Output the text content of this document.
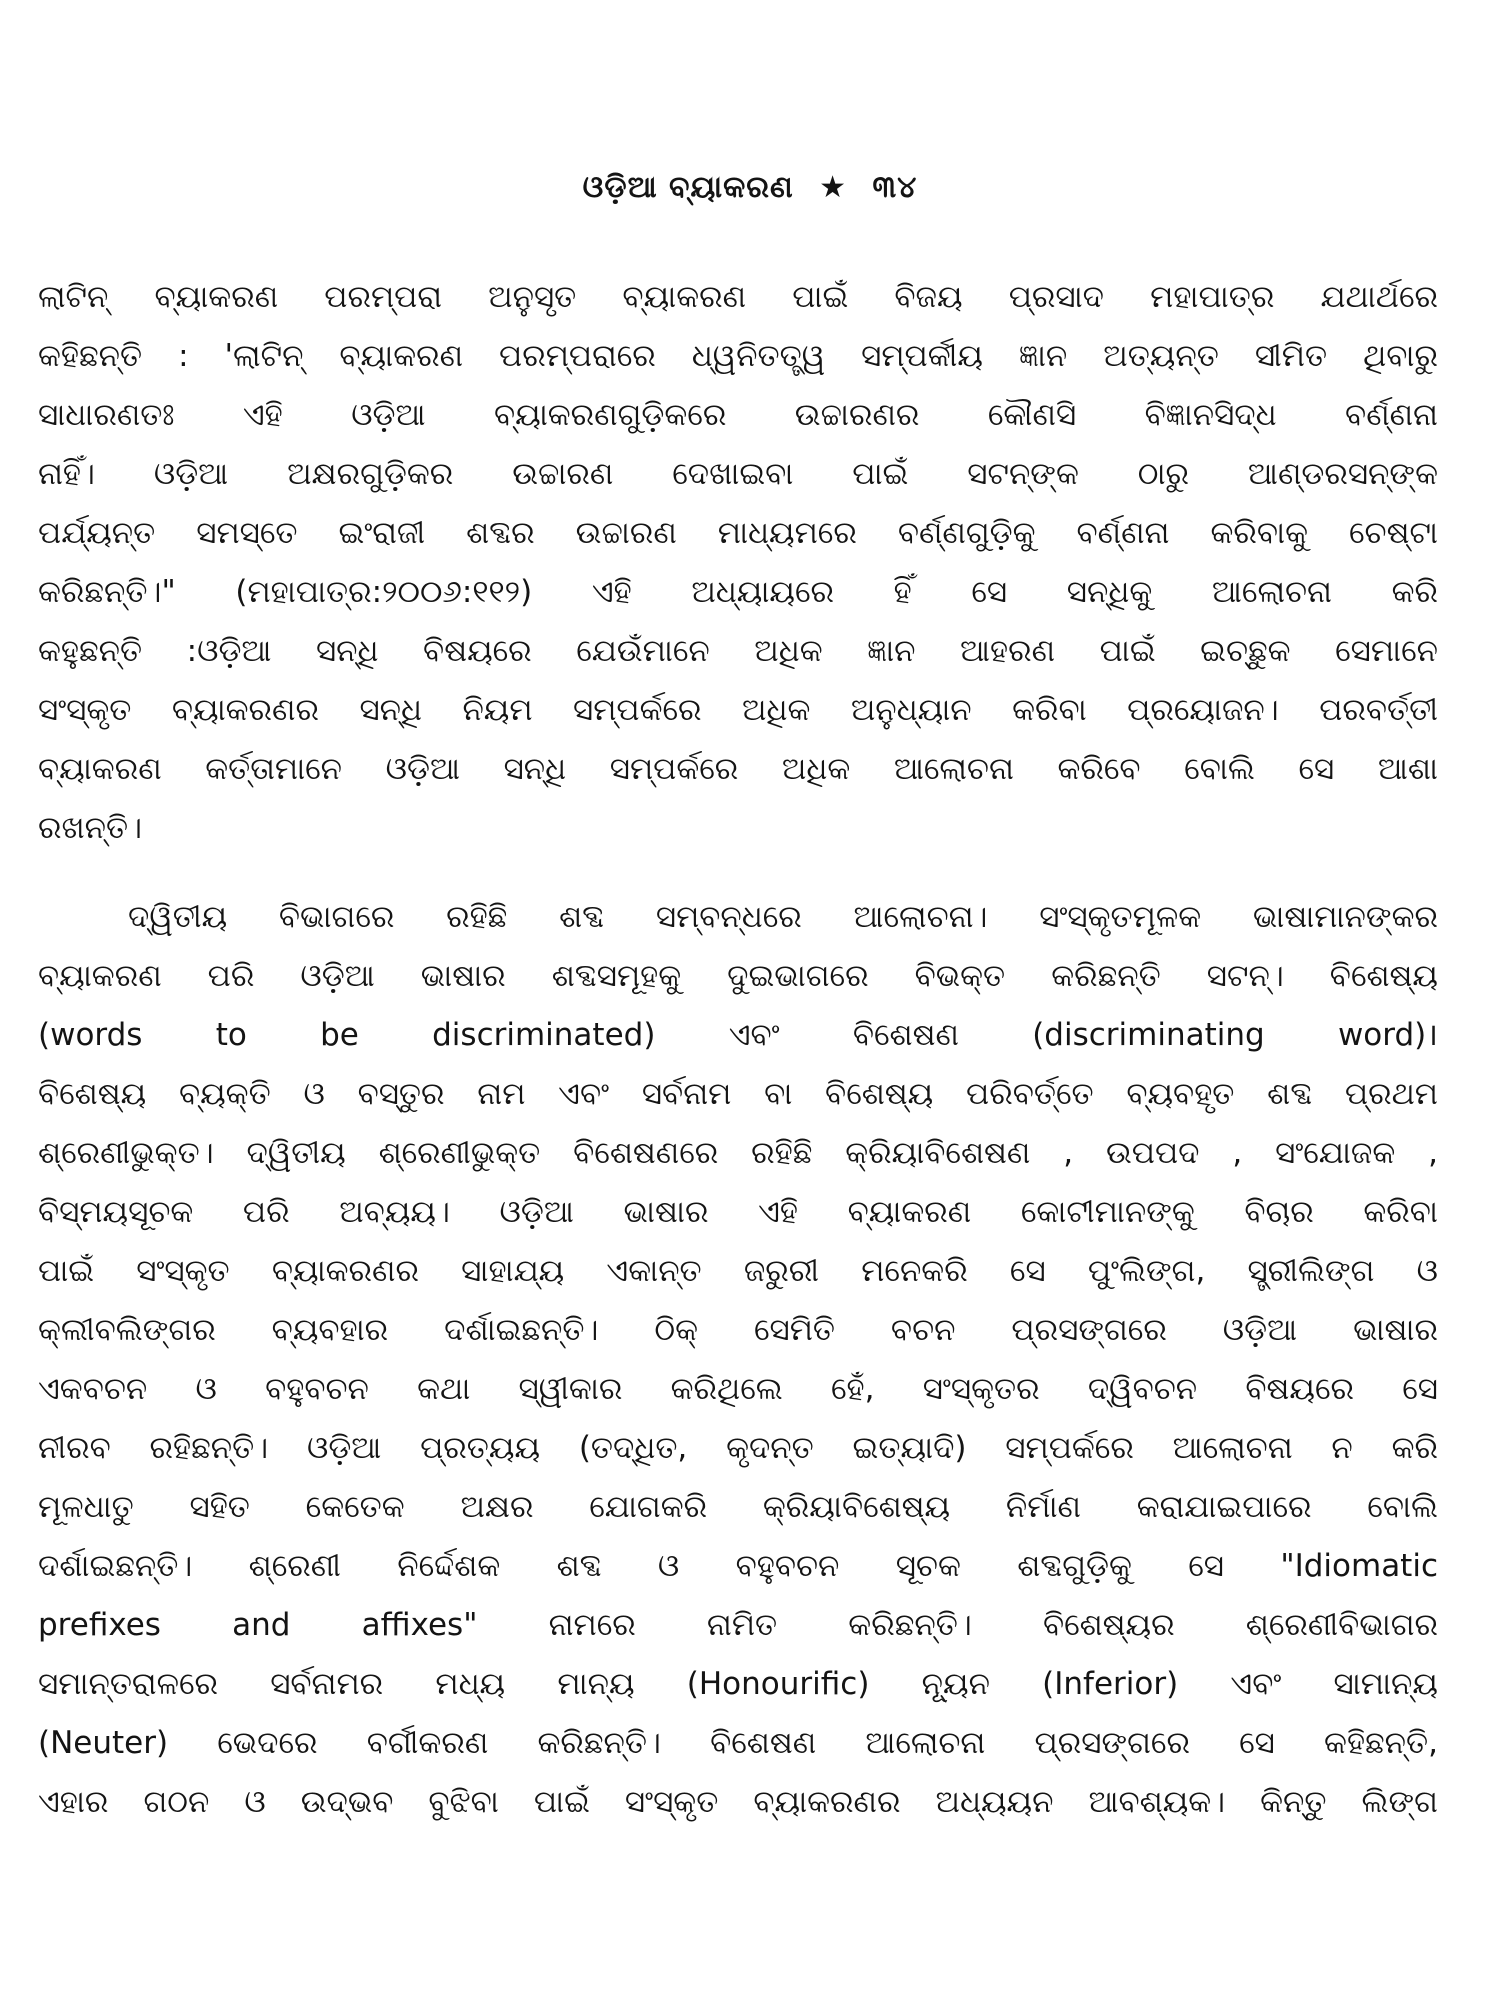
ଓଡ଼ିଆ ବ୍ୟାକରଣ ★ ୩୪

ଲାଟିନ୍ ବ୍ୟାକରଣ ପରମ୍ପରା ଅନୁସୃତ ବ୍ୟାକରଣ ପାଇଁ ବିଜୟ ପ୍ରସାଦ ମହାପାତ୍ର ଯଥାର୍ଥରେ
କହିଛନ୍ତି : 'ଲାଟିନ୍ ବ୍ୟାକରଣ ପରମ୍ପରାରେ ଧ୍ୱନିତତ୍ତ୍ୱ ସମ୍ପର୍କୀୟ ଜ୍ଞାନ ଅତ୍ୟନ୍ତ ସୀମିତ ଥିବାରୁ
ସାଧାରଣତଃ ଏହି ଓଡ଼ିଆ ବ୍ୟାକରଣଗୁଡ଼ିକରେ ଉଚ୍ଚାରଣର କୌଣସି ବିଜ୍ଞାନସିଦ୍ଧ ବର୍ଣ୍ଣନା
ନାହିଁ। ଓଡ଼ିଆ ଅକ୍ଷରଗୁଡ଼ିକର ଉଚ୍ଚାରଣ ଦେଖାଇବା ପାଇଁ ସଟନ୍‌ଙ୍କ ଠାରୁ ଆଣ୍ଡରସନ୍‌ଙ୍କ
ପର୍ଯ୍ୟନ୍ତ ସମସ୍ତେ ଇଂରାଜୀ ଶବ୍ଦର ଉଚ୍ଚାରଣ ମାଧ୍ୟମରେ ବର୍ଣ୍ଣଗୁଡ଼ିକୁ ବର୍ଣ୍ଣନା କରିବାକୁ ଚେଷ୍ଟା
କରିଛନ୍ତି।" (ମହାପାତ୍ର:୨୦୦୬:୧୧୨) ଏହି ଅଧ୍ୟାୟରେ ହିଁ ସେ ସନ୍ଧିକୁ ଆଲୋଚନା କରି
କହୁଛନ୍ତି :ଓଡ଼ିଆ ସନ୍ଧି ବିଷୟରେ ଯେଉଁମାନେ ଅଧିକ ଜ୍ଞାନ ଆହରଣ ପାଇଁ ଇଚ୍ଛୁକ ସେମାନେ
ସଂସ୍କୃତ ବ୍ୟାକରଣର ସନ୍ଧି ନିୟମ ସମ୍ପର୍କରେ ଅଧିକ ଅନୁଧ୍ୟାନ କରିବା ପ୍ରୟୋଜନ। ପରବର୍ତ୍ତୀ
ବ୍ୟାକରଣ କର୍ତ୍ତାମାନେ ଓଡ଼ିଆ ସନ୍ଧି ସମ୍ପର୍କରେ ଅଧିକ ଆଲୋଚନା କରିବେ ବୋଲି ସେ ଆଶା
ରଖନ୍ତି।

ଦ୍ୱିତୀୟ ବିଭାଗରେ ରହିଛି ଶବ୍ଦ ସମ୍ବନ୍ଧରେ ଆଲୋଚନା। ସଂସ୍କୃତମୂଳକ ଭାଷାମାନଙ୍କର
ବ୍ୟାକରଣ ପରି ଓଡ଼ିଆ ଭାଷାର ଶବ୍ଦସମୂହକୁ ଦୁଇଭାଗରେ ବିଭକ୍ତ କରିଛନ୍ତି ସଟନ୍। ବିଶେଷ୍ୟ
(words to be discriminated) ଏବଂ ବିଶେଷଣ (discriminating word)।
ବିଶେଷ୍ୟ ବ୍ୟକ୍ତି ଓ ବସ୍ତୁର ନାମ ଏବଂ ସର୍ବନାମ ବା ବିଶେଷ୍ୟ ପରିବର୍ତ୍ତେ ବ୍ୟବହୃତ ଶବ୍ଦ ପ୍ରଥମ
ଶ୍ରେଣୀଭୁକ୍ତ। ଦ୍ୱିତୀୟ ଶ୍ରେଣୀଭୁକ୍ତ ବିଶେଷଣରେ ରହିଛି କ୍ରିୟାବିଶେଷଣ , ଉପପଦ , ସଂଯୋଜକ ,
ବିସ୍ମୟସୂଚକ ପରି ଅବ୍ୟୟ। ଓଡ଼ିଆ ଭାଷାର ଏହି ବ୍ୟାକରଣ କୋଟୀମାନଙ୍କୁ ବିଚାର କରିବା
ପାଇଁ ସଂସ୍କୃତ ବ୍ୟାକରଣର ସାହାଯ୍ୟ ଏକାନ୍ତ ଜରୁରୀ ମନେକରି ସେ ପୁଂଲିଙ୍ଗ, ସ୍ତ୍ରୀଲିଙ୍ଗ ଓ
କ୍ଲୀବଲିଙ୍ଗର ବ୍ୟବହାର ଦର୍ଶାଇଛନ୍ତି। ଠିକ୍ ସେମିତି ବଚନ ପ୍ରସଙ୍ଗରେ ଓଡ଼ିଆ ଭାଷାର
ଏକବଚନ ଓ ବହୁବଚନ କଥା ସ୍ୱୀକାର କରିଥିଲେ ହେଁ, ସଂସ୍କୃତର ଦ୍ୱିବଚନ ବିଷୟରେ ସେ
ନୀରବ ରହିଛନ୍ତି। ଓଡ଼ିଆ ପ୍ରତ୍ୟୟ (ତଦ୍ଧିତ, କୃଦନ୍ତ ଇତ୍ୟାଦି) ସମ୍ପର୍କରେ ଆଲୋଚନା ନ କରି
ମୂଳଧାତୁ ସହିତ କେତେକ ଅକ୍ଷର ଯୋଗକରି କ୍ରିୟାବିଶେଷ୍ୟ ନିର୍ମାଣ କରାଯାଇପାରେ ବୋଲି
ଦର୍ଶାଇଛନ୍ତି। ଶ୍ରେଣୀ ନିର୍ଦ୍ଦେଶକ ଶବ୍ଦ ଓ ବହୁବଚନ ସୂଚକ ଶବ୍ଦଗୁଡ଼ିକୁ ସେ "Idiomatic
prefixes and affixes" ନାମରେ ନାମିତ କରିଛନ୍ତି। ବିଶେଷ୍ୟର ଶ୍ରେଣୀବିଭାଗର
ସମାନ୍ତରାଳରେ ସର୍ବନାମର ମଧ୍ୟ ମାନ୍ୟ (Honourific) ନ୍ୟୂନ (Inferior) ଏବଂ ସାମାନ୍ୟ
(Neuter) ଭେଦରେ ବର୍ଗୀକରଣ କରିଛନ୍ତି। ବିଶେଷଣ ଆଲୋଚନା ପ୍ରସଙ୍ଗରେ ସେ କହିଛନ୍ତି,
ଏହାର ଗଠନ ଓ ଉଦ୍‌ଭବ ବୁଝିବା ପାଇଁ ସଂସ୍କୃତ ବ୍ୟାକରଣର ଅଧ୍ୟୟନ ଆବଶ୍ୟକ। କିନ୍ତୁ ଲିଙ୍ଗ
